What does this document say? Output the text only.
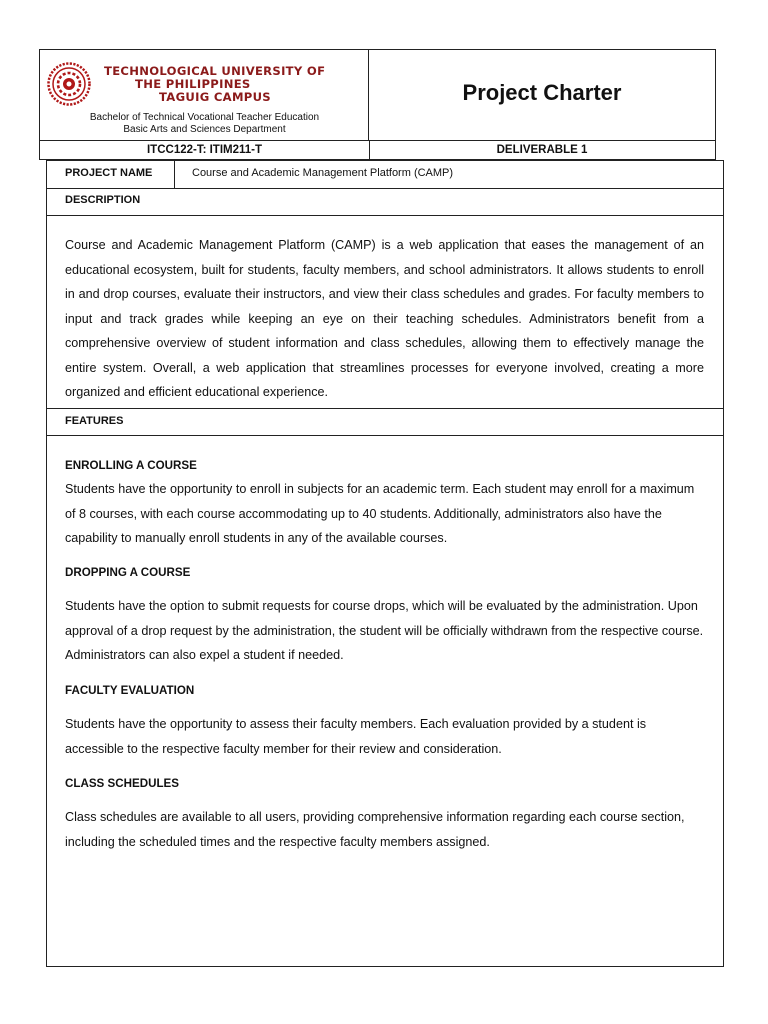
TECHNOLOGICAL UNIVERSITY OF
THE PHILIPPINES
TAGUIG CAMPUS
Bachelor of Technical Vocational Teacher Education
Basic Arts and Sciences Department
Project Charter
ITCC122-T: ITIM211-T	DELIVERABLE 1
PROJECT NAME	Course and Academic Management Platform (CAMP)
DESCRIPTION
Course and Academic Management Platform (CAMP) is a web application that eases the management of an educational ecosystem, built for students, faculty members, and school administrators. It allows students to enroll in and drop courses, evaluate their instructors, and view their class schedules and grades. For faculty members to input and track grades while keeping an eye on their teaching schedules. Administrators benefit from a comprehensive overview of student information and class schedules, allowing them to effectively manage the entire system. Overall, a web application that streamlines processes for everyone involved, creating a more organized and efficient educational experience.
FEATURES
ENROLLING A COURSE
Students have the opportunity to enroll in subjects for an academic term. Each student may enroll for a maximum of 8 courses, with each course accommodating up to 40 students. Additionally, administrators also have the capability to manually enroll students in any of the available courses.
DROPPING A COURSE
Students have the option to submit requests for course drops, which will be evaluated by the administration. Upon approval of a drop request by the administration, the student will be officially withdrawn from the respective course. Administrators can also expel a student if needed.
FACULTY EVALUATION
Students have the opportunity to assess their faculty members. Each evaluation provided by a student is accessible to the respective faculty member for their review and consideration.
CLASS SCHEDULES
Class schedules are available to all users, providing comprehensive information regarding each course section, including the scheduled times and the respective faculty members assigned.
